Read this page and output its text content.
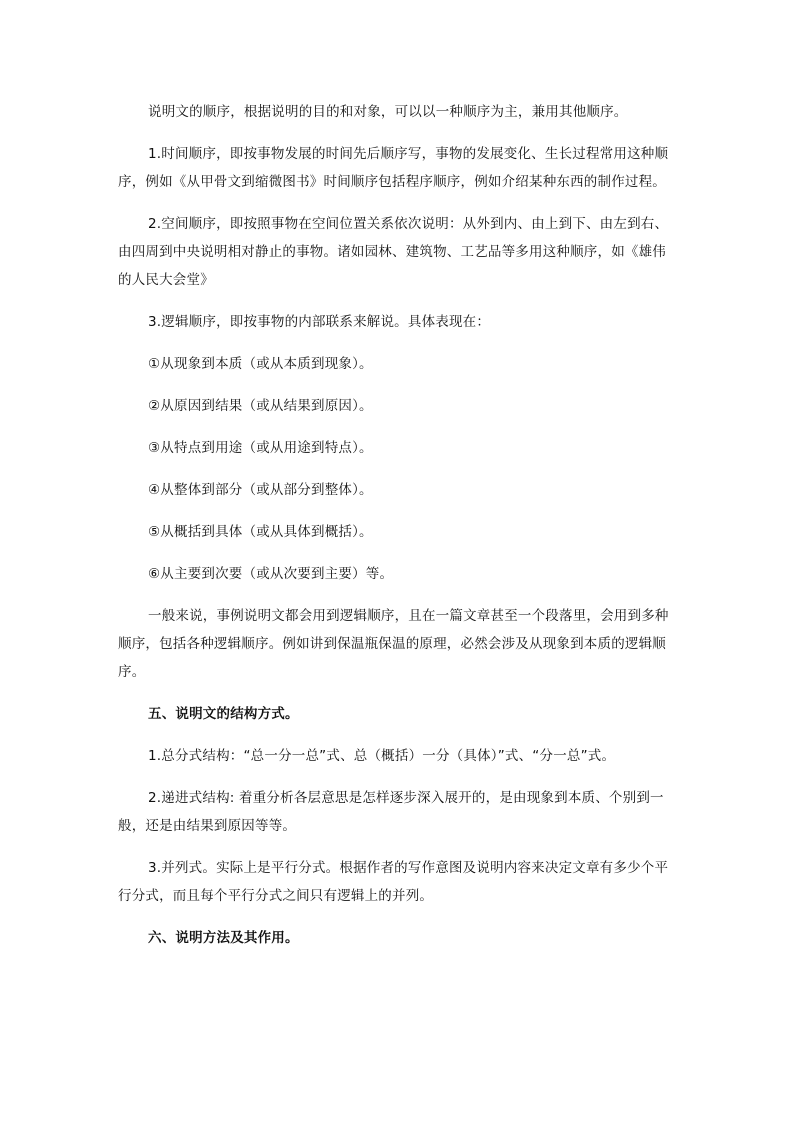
说明文的顺序，根据说明的目的和对象，可以以一种顺序为主，兼用其他顺序。

1.时间顺序，即按事物发展的时间先后顺序写，事物的发展变化、生长过程常用这种顺序，例如《从甲骨文到缩微图书》时间顺序包括程序顺序，例如介绍某种东西的制作过程。

2.空间顺序，即按照事物在空间位置关系依次说明：从外到内、由上到下、由左到右、由四周到中央说明相对静止的事物。诸如园林、建筑物、工艺品等多用这种顺序，如《雄伟的人民大会堂》

3.逻辑顺序，即按事物的内部联系来解说。具体表现在：

①从现象到本质（或从本质到现象）。

②从原因到结果（或从结果到原因）。

③从特点到用途（或从用途到特点）。

④从整体到部分（或从部分到整体）。

⑤从概括到具体（或从具体到概括）。

⑥从主要到次要（或从次要到主要）等。

一般来说，事例说明文都会用到逻辑顺序，且在一篇文章甚至一个段落里，会用到多种顺序，包括各种逻辑顺序。例如讲到保温瓶保温的原理，必然会涉及从现象到本质的逻辑顺序。

五、说明文的结构方式。

1.总分式结构：“总一分一总”式、总（概括）一分（具体）”式、“分一总”式。

2.递进式结构: 着重分析各层意思是怎样逐步深入展开的，是由现象到本质、个别到一般，还是由结果到原因等等。

3.并列式。实际上是平行分式。根据作者的写作意图及说明内容来决定文章有多少个平行分式，而且每个平行分式之间只有逻辑上的并列。

六、说明方法及其作用。
